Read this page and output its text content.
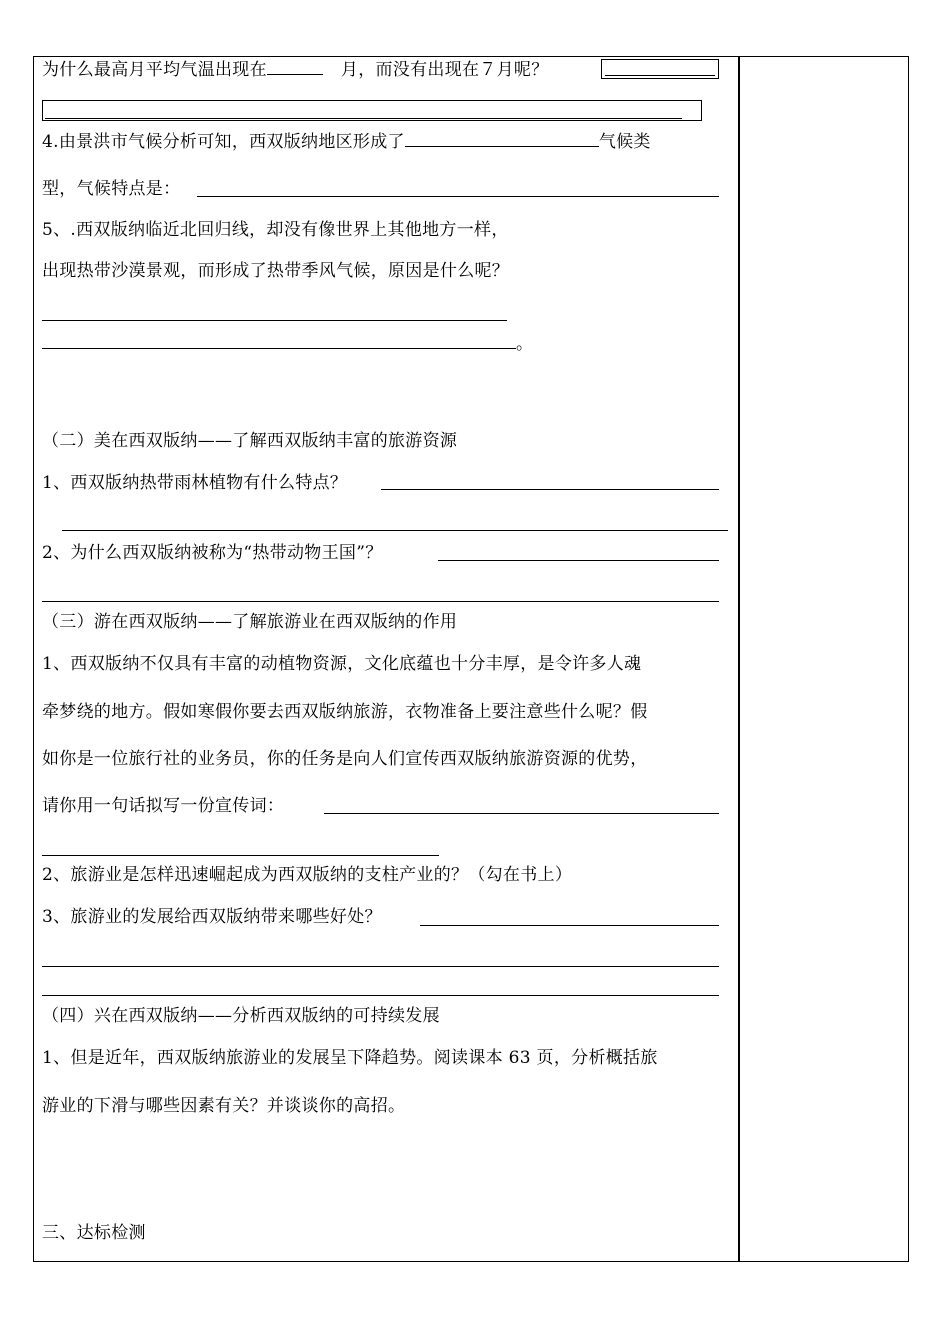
为什么最高月平均气温出现在	月，而没有出现在７月呢？
4.由景洪市气候分析可知，西双版纳地区形成了	气候类
型，气候特点是：
5、.西双版纳临近北回归线，却没有像世界上其他地方一样，
出现热带沙漠景观，而形成了热带季风气候，原因是什么呢？
。
（二）美在西双版纳——了解西双版纳丰富的旅游资源
1、西双版纳热带雨林植物有什么特点？
2、为什么西双版纳被称为“热带动物王国”？
（三）游在西双版纳——了解旅游业在西双版纳的作用
1、西双版纳不仅具有丰富的动植物资源，文化底蕴也十分丰厚，是令许多人魂
牵梦绕的地方。假如寒假你要去西双版纳旅游，衣物准备上要注意些什么呢？假
如你是一位旅行社的业务员，你的任务是向人们宣传西双版纳旅游资源的优势，
请你用一句话拟写一份宣传词：
2、旅游业是怎样迅速崛起成为西双版纳的支柱产业的？（勾在书上）
3、旅游业的发展给西双版纳带来哪些好处？
（四）兴在西双版纳——分析西双版纳的可持续发展
1、但是近年，西双版纳旅游业的发展呈下降趋势。阅读课本 63 页，分析概括旅
游业的下滑与哪些因素有关？并谈谈你的高招。
三、达标检测
